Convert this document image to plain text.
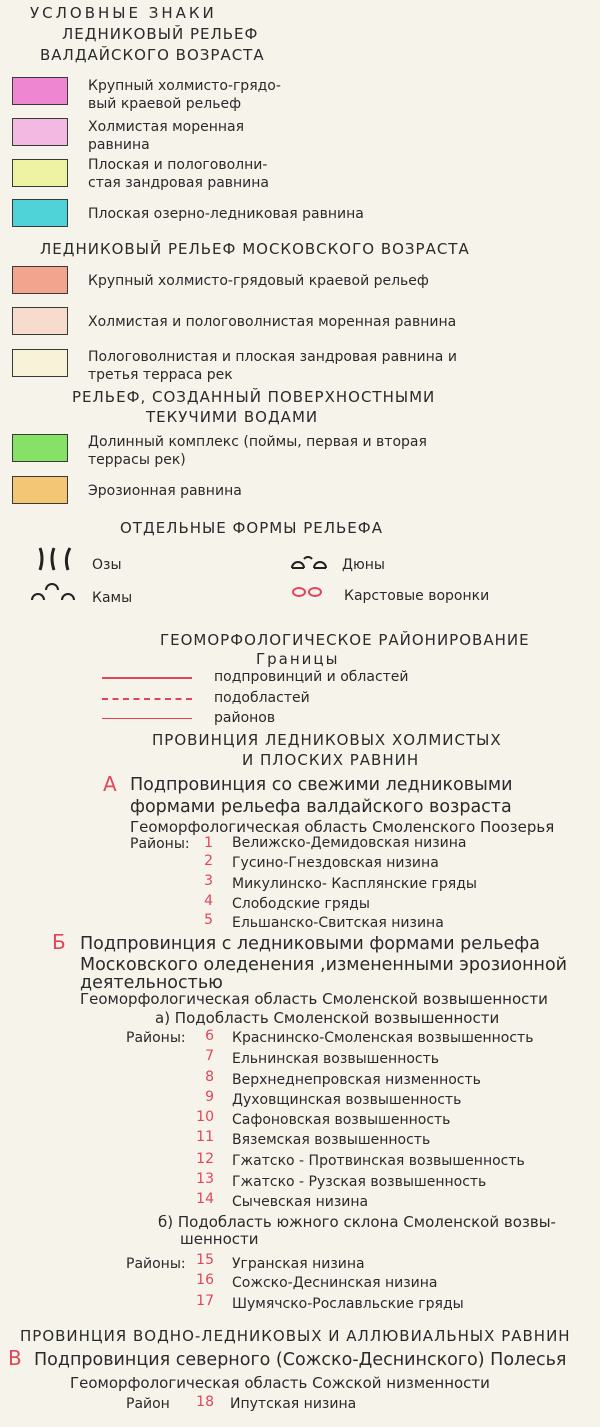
УСЛОВНЫЕ ЗНАКИ
ЛЕДНИКОВЫЙ РЕЛЬЕФ
ВАЛДАЙСКОГО ВОЗРАСТА
Крупный холмисто-грядо-
вый краевой рельеф
Холмистая моренная
равнина
Плоская и пологоволни-
стая зандровая равнина
Плоская озерно-ледниковая равнина
ЛЕДНИКОВЫЙ РЕЛЬЕФ МОСКОВСКОГО ВОЗРАСТА
Крупный холмисто-грядовый краевой рельеф
Холмистая и пологоволнистая моренная равнина
Пологоволнистая и плоская зандровая равнина и
третья терраса рек
РЕЛЬЕФ, СОЗДАННЫЙ ПОВЕРХНОСТНЫМИ
ТЕКУЧИМИ ВОДАМИ
Долинный комплекс (поймы, первая и вторая
террасы рек)
Эрозионная равнина
ОТДЕЛЬНЫЕ ФОРМЫ РЕЛЬЕФА
Озы	Дюны
Камы	Карстовые воронки
ГЕОМОРФОЛОГИЧЕСКОЕ РАЙОНИРОВАНИЕ
Границы
подпровинций и областей
подобластей
районов
ПРОВИНЦИЯ ЛЕДНИКОВЫХ ХОЛМИСТЫХ
И ПЛОСКИХ РАВНИН
А Подпровинция со свежими ледниковыми
формами рельефа валдайского возраста
Геоморфологическая область Смоленского Поозерья
Районы:	1 Велижско-Демидовская низина
2 Гусино-Гнездовская низина
3 Микулинско- Касплянские гряды
4 Слободские гряды
5 Ельшанско-Свитская низина
Б Подпровинция с ледниковыми формами рельефа
Московского оледенения ,измененными эрозионной
деятельностью
Геоморфологическая область Смоленской возвышенности
а) Подобласть Смоленской возвышенности
Районы:	6 Краснинско-Смоленская возвышенность
7 Ельнинская возвышенность
8 Верхнеднепровская низменность
9 Духовщинская возвышенность
10 Сафоновская возвышенность
11 Вяземская возвышенность
12 Гжатско - Протвинская возвышенность
13 Гжатско - Рузская возвышенность
14 Сычевская низина
б) Подобласть южного склона Смоленской возвы-
шенности
Районы: 15 Угранская низина
16 Сожско-Деснинская низина
17 Шумячско-Рославльские гряды
ПРОВИНЦИЯ ВОДНО-ЛЕДНИКОВЫХ И АЛЛЮВИАЛЬНЫХ РАВНИН
В Подпровинция северного (Сожско-Деснинского) Полесья
Геоморфологическая область Сожской низменности
Район	18 Ипутская низина
